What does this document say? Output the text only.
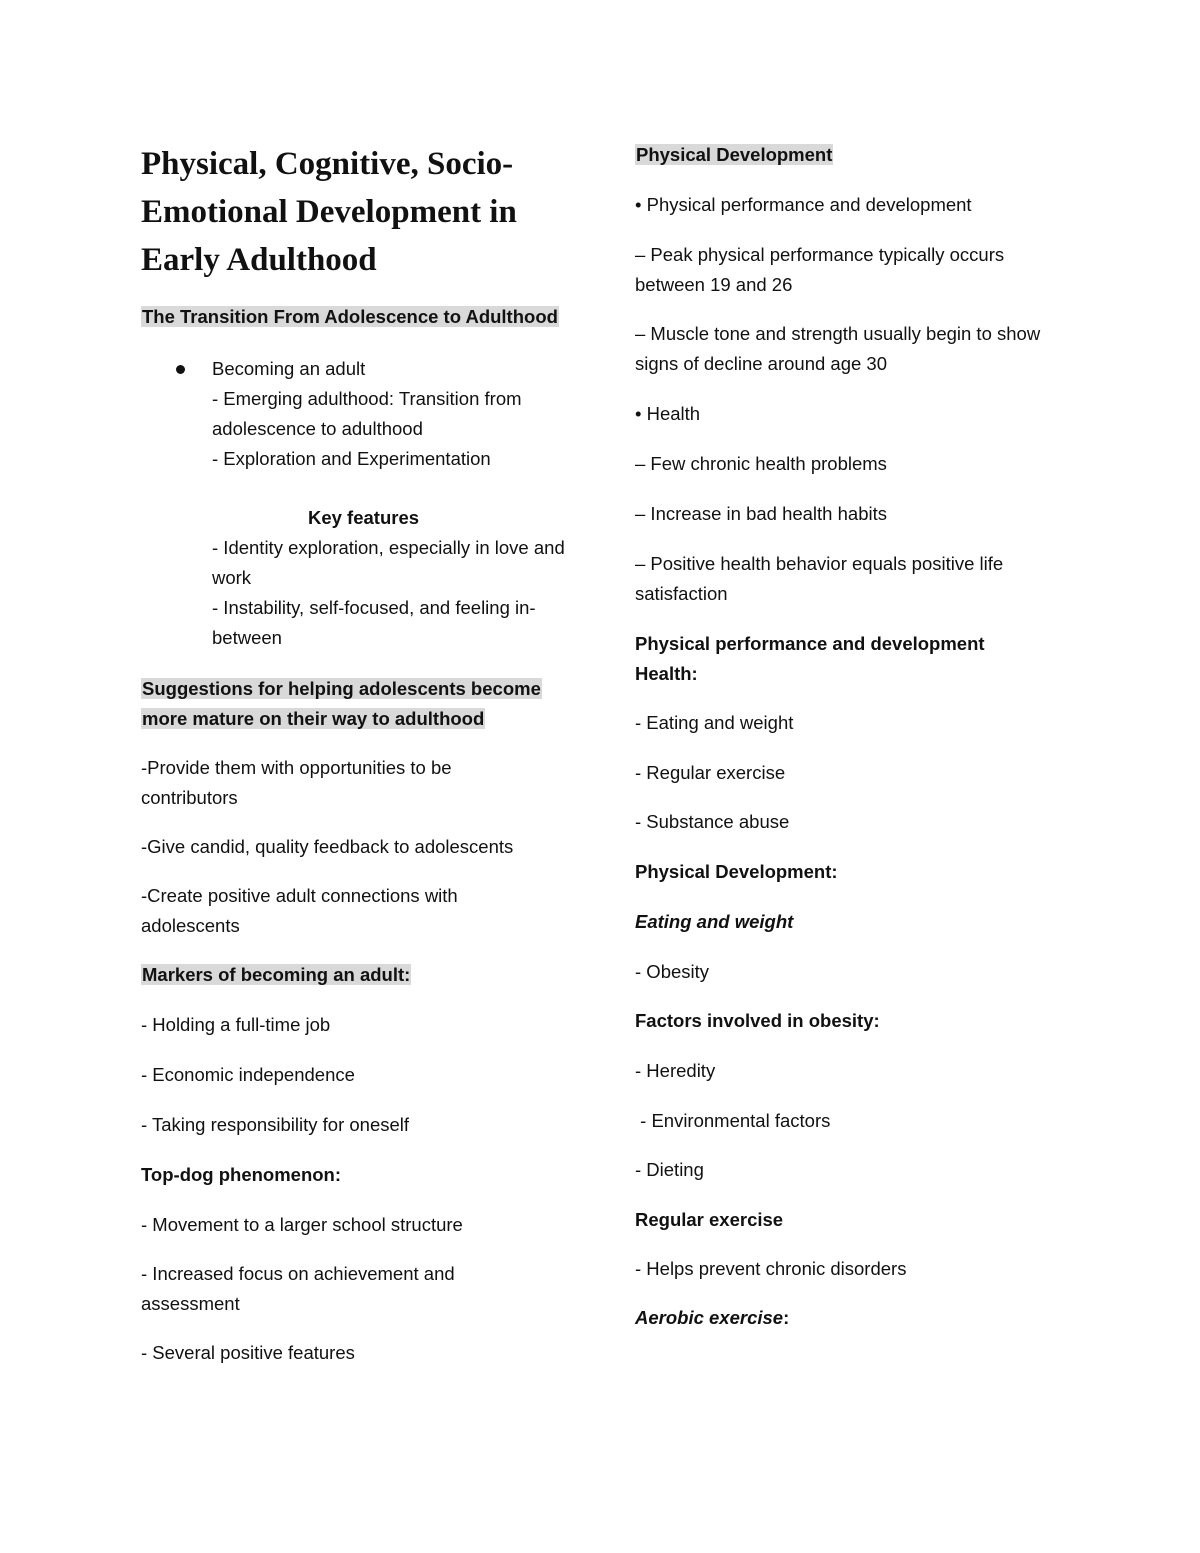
Physical, Cognitive, Socio-Emotional Development in Early Adulthood

The Transition From Adolescence to Adulthood

Becoming an adult

- Emerging adulthood: Transition from adolescence to adulthood

- Exploration and Experimentation

Key features

- Identity exploration, especially in love and work

- Instability, self-focused, and feeling in-between

Suggestions for helping adolescents become more mature on their way to adulthood

-Provide them with opportunities to be contributors

-Give candid, quality feedback to adolescents

-Create positive adult connections with adolescents

Markers of becoming an adult:

- Holding a full-time job

- Economic independence

- Taking responsibility for oneself

Top-dog phenomenon:

- Movement to a larger school structure

- Increased focus on achievement and assessment

- Several positive features

Physical Development

• Physical performance and development

– Peak physical performance typically occurs between 19 and 26

– Muscle tone and strength usually begin to show signs of decline around age 30

• Health

– Few chronic health problems

– Increase in bad health habits

– Positive health behavior equals positive life satisfaction

Physical performance and development Health:

- Eating and weight

- Regular exercise

- Substance abuse

Physical Development:

Eating and weight

- Obesity

Factors involved in obesity:

- Heredity

- Environmental factors

- Dieting

Regular exercise

- Helps prevent chronic disorders

Aerobic exercise:
